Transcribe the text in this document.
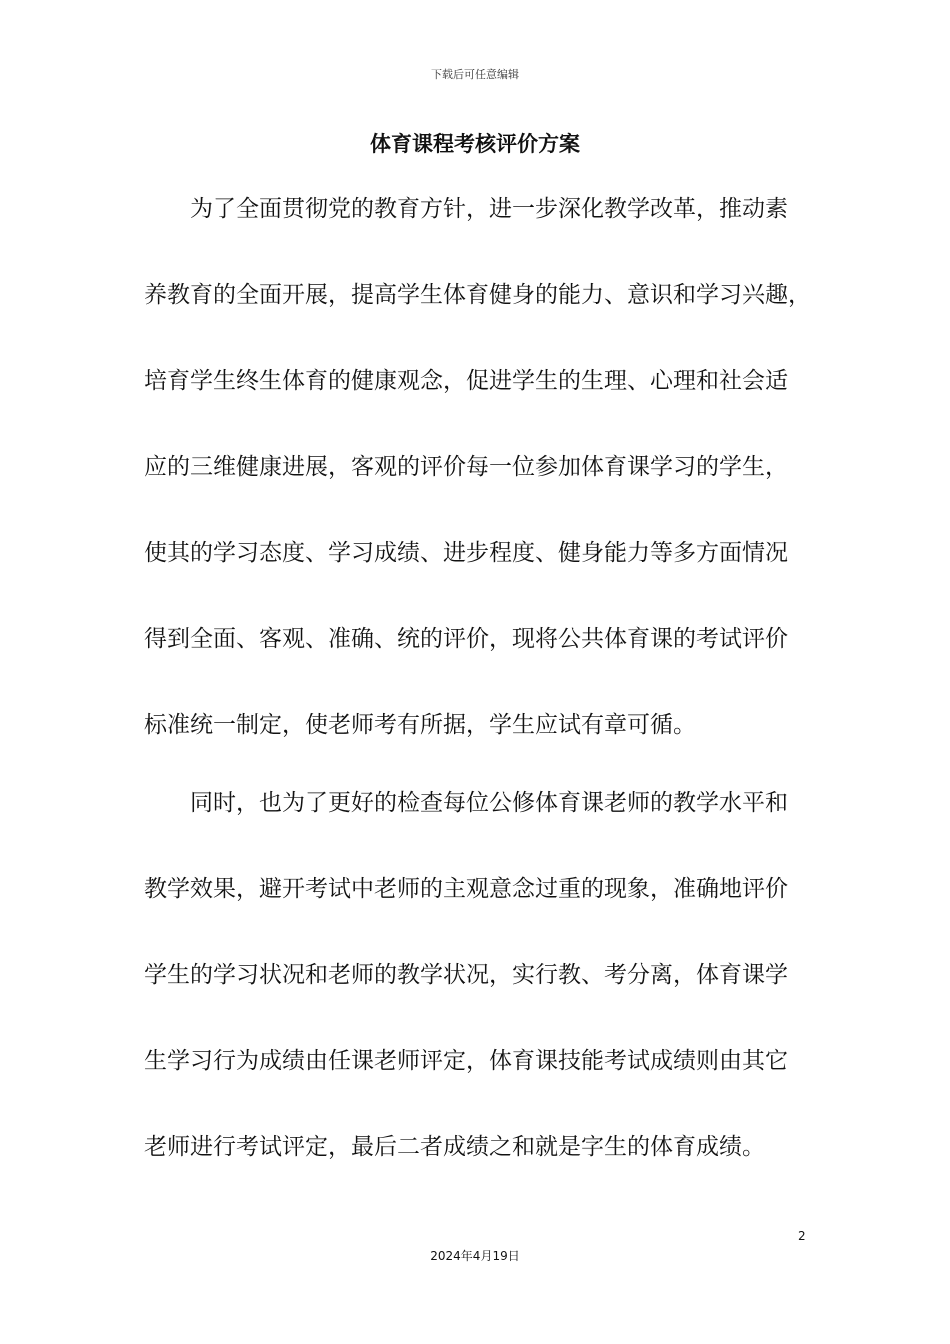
下载后可任意编辑
体育课程考核评价方案
为了全面贯彻党的教育方针，进一步深化教学改革，推动素
养教育的全面开展，提高学生体育健身的能力、意识和学习兴趣，
培育学生终生体育的健康观念，促进学生的生理、心理和社会适
应的三维健康进展，客观的评价每一位参加体育课学习的学生，
使其的学习态度、学习成绩、进步程度、健身能力等多方面情况
得到全面、客观、准确、统的评价，现将公共体育课的考试评价
标准统一制定，使老师考有所据，学生应试有章可循。
同时，也为了更好的检查每位公修体育课老师的教学水平和
教学效果，避开考试中老师的主观意念过重的现象，准确地评价
学生的学习状况和老师的教学状况，实行教、考分离，体育课学
生学习行为成绩由任课老师评定，体育课技能考试成绩则由其它
老师进行考试评定，最后二者成绩之和就是字生的体育成绩。
2
2024年4月19日
